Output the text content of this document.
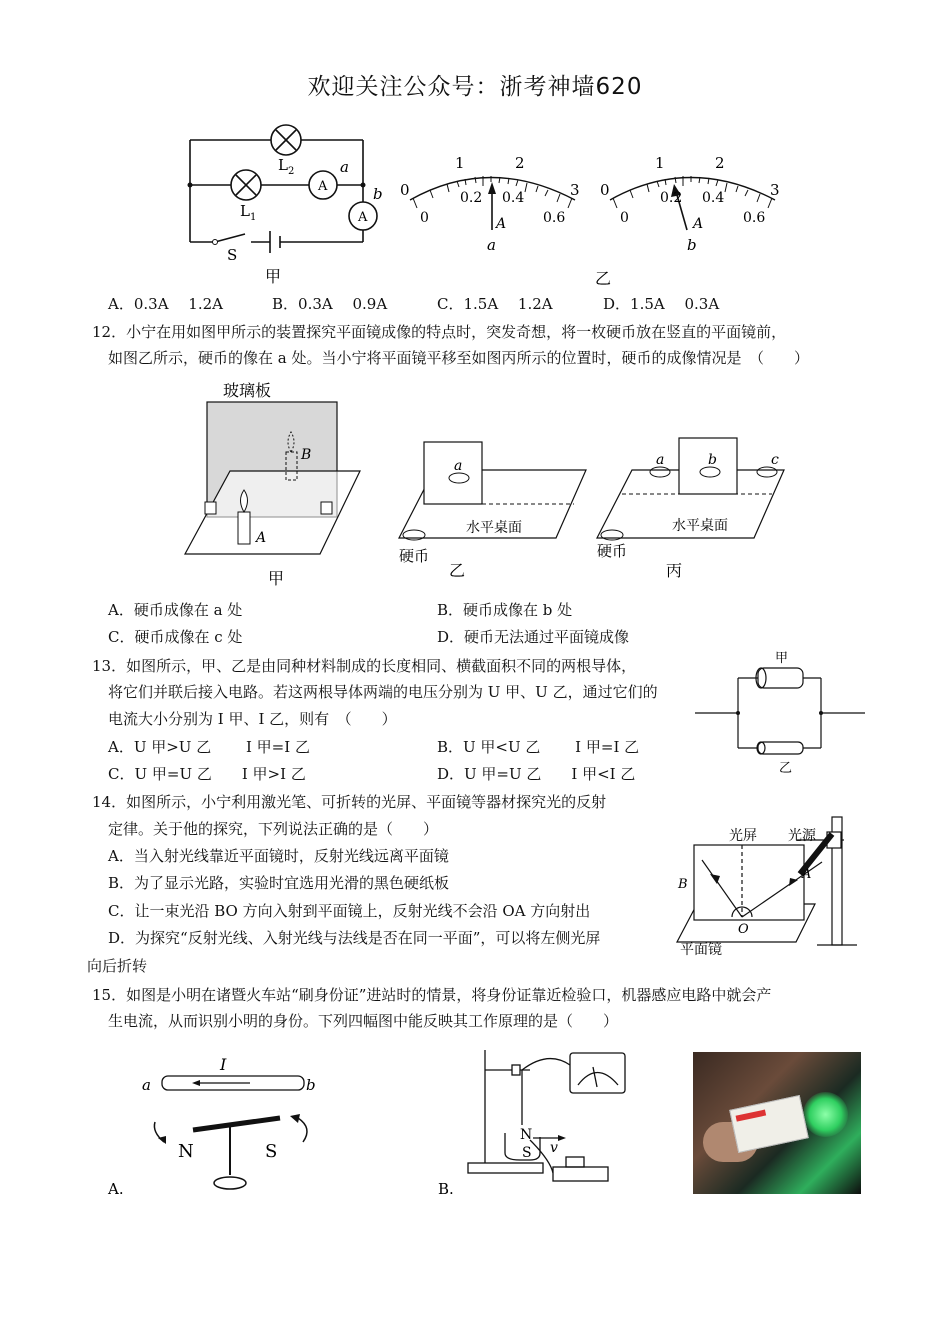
欢迎关注公众号：浙考神墙620
L 2
L 1
a
b
A
A
S
甲
0
1	2
3
0
0.2 0.4
0.6
A
a
0
1	2
3
0
0.2 0.4
0.6
A
b
乙
A．0.3A　 1.2A	B．0.3A　 0.9A	C．1.5A　 1.2A	D．1.5A　 0.3A
12．小宁在用如图甲所示的装置探究平面镜成像的特点时，突发奇想，将一枚硬币放在竖直的平面镜前，
如图乙所示，硬币的像在 a 处。当小宁将平面镜平移至如图丙所示的位置时，硬币的成像情况是　（　　）
玻璃板
A
B
甲
a
水平桌面
硬币
乙
a	b	c
水平桌面
硬币
丙
A．硬币成像在 a 处	B．硬币成像在 b 处
C．硬币成像在 c 处	D．硬币无法通过平面镜成像
13．如图所示，甲、乙是由同种材料制成的长度相同、横截面积不同的两根导体，
将它们并联后接入电路。若这两根导体两端的电压分别为 U 甲、U 乙，通过它们的
电流大小分别为 I 甲、I 乙，则有　（　　）
甲
乙
A．U 甲>U 乙　　 I 甲=I 乙	B．U 甲<U 乙　　 I 甲=I 乙
C．U 甲=U 乙　　I 甲>I 乙	D．U 甲=U 乙　　I 甲<I 乙
14．如图所示，小宁利用激光笔、可折转的光屏、平面镜等器材探究光的反射
定律。关于他的探究，下列说法正确的是（　　）
A．当入射光线靠近平面镜时，反射光线远离平面镜
B．为了显示光路，实验时宜选用光滑的黑色硬纸板
C．让一束光沿 BO 方向入射到平面镜上，反射光线不会沿 OA 方向射出
D．为探究“反射光线、入射光线与法线是否在同一平面”，可以将左侧光屏
向后折转
光屏 光源
A
B
O
平面镜
15．如图是小明在诸暨火车站“刷身份证”进站时的情景，将身份证靠近检验口，机器感应电路中就会产
生电流，从而识别小明的身份。下列四幅图中能反映其工作原理的是（　　）
I
a	b
N	S
A.
N
S v
B.
